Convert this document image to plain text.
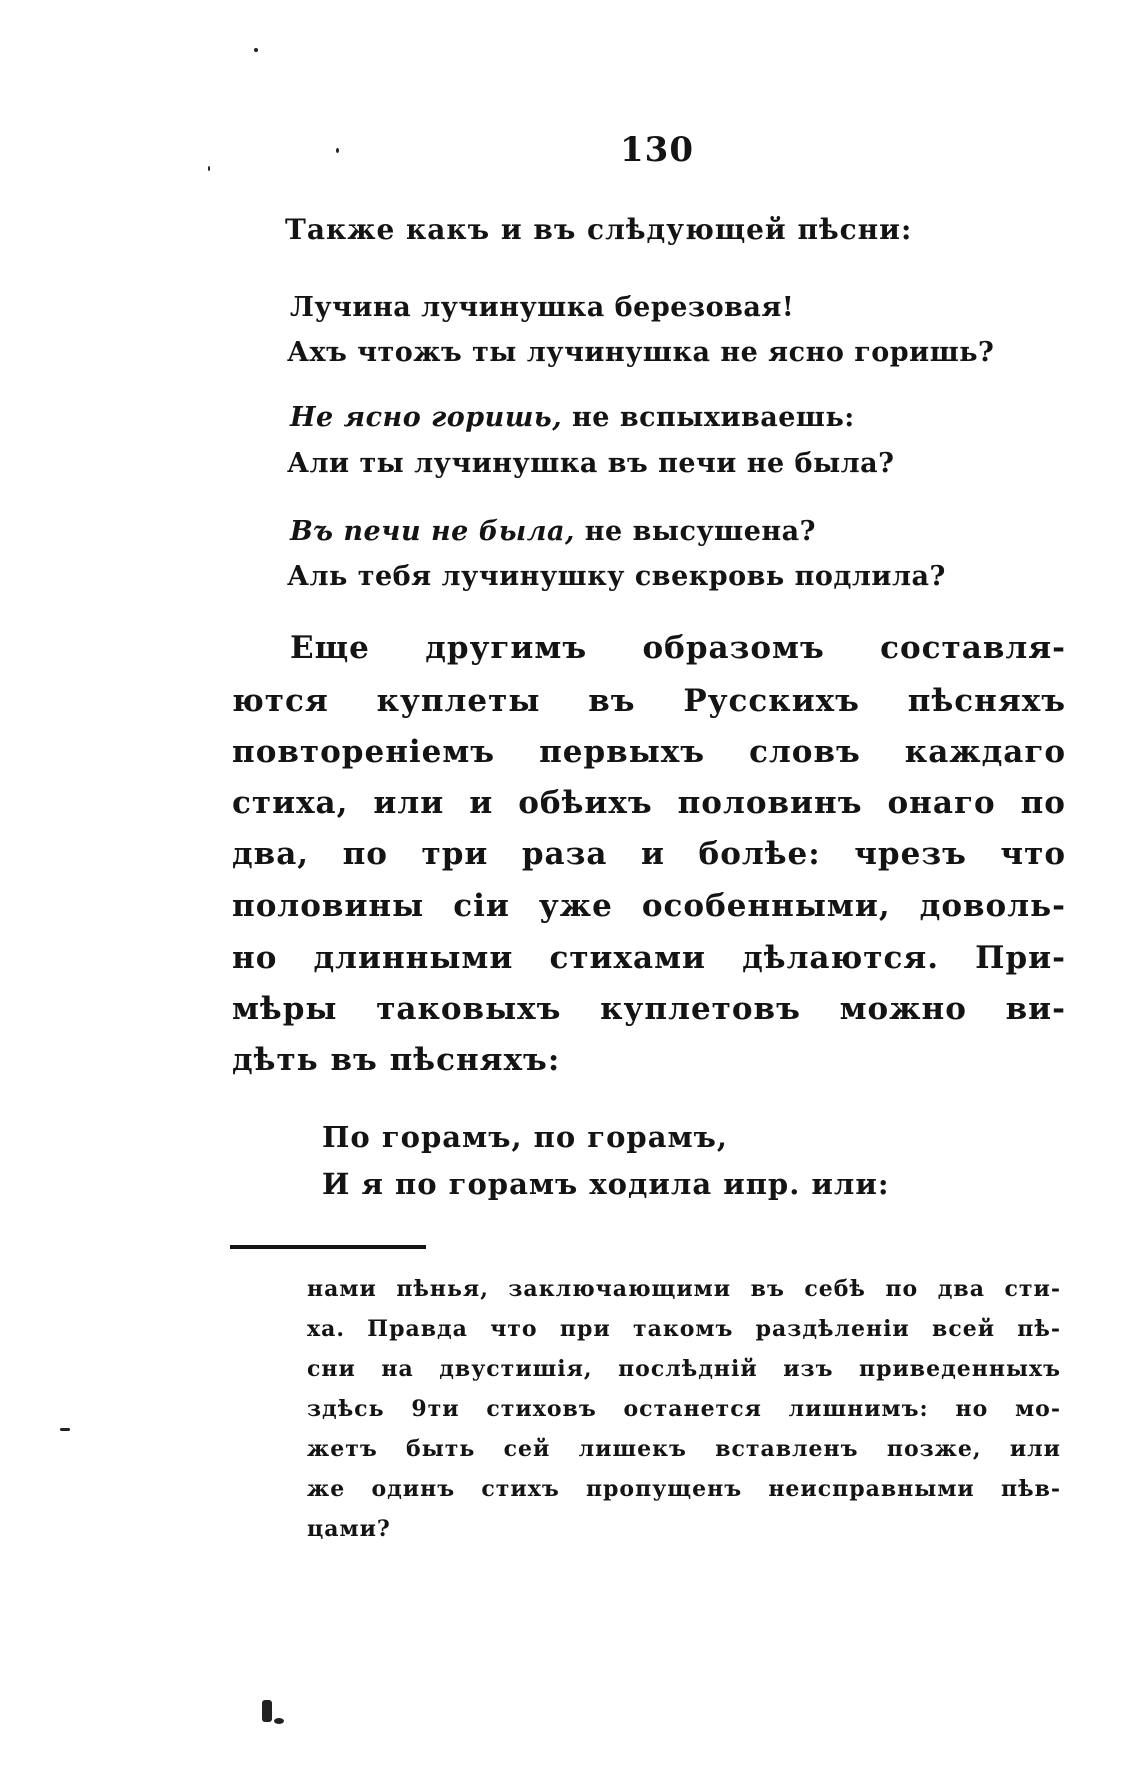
130
Также какъ и въ слѣдующей пѣсни:
Лучина лучинушка березовая!
Ахъ чтожъ ты лучинушка не ясно горишь?
Не ясно горишь, не вспыхиваешь:
Али ты лучинушка въ печи не была?
Въ печи не была, не высушена?
Аль тебя лучинушку свекровь подлила?
Еще другимъ образомъ составля-
ются куплеты въ Русскихъ пѣсняхъ
повтореніемъ первыхъ словъ каждаго
стиха, или и обѣихъ половинъ онаго по
два, по три раза и болѣе: чрезъ что
половины сіи уже особенными, доволь-
но длинными стихами дѣлаются. При-
мѣры таковыхъ куплетовъ можно ви-
дѣть въ пѣсняхъ:
По горамъ, по горамъ,
И я по горамъ ходила ипр. или:
нами пѣнья, заключающими въ себѣ по два сти-
ха. Правда что при такомъ раздѣленіи всей пѣ-
сни на двустишія, послѣдній изъ приведенныхъ
здѣсь 9ти стиховъ останется лишнимъ: но мо-
жетъ быть сей лишекъ вставленъ позже, или
же одинъ стихъ пропущенъ неисправными пѣв-
цами?
